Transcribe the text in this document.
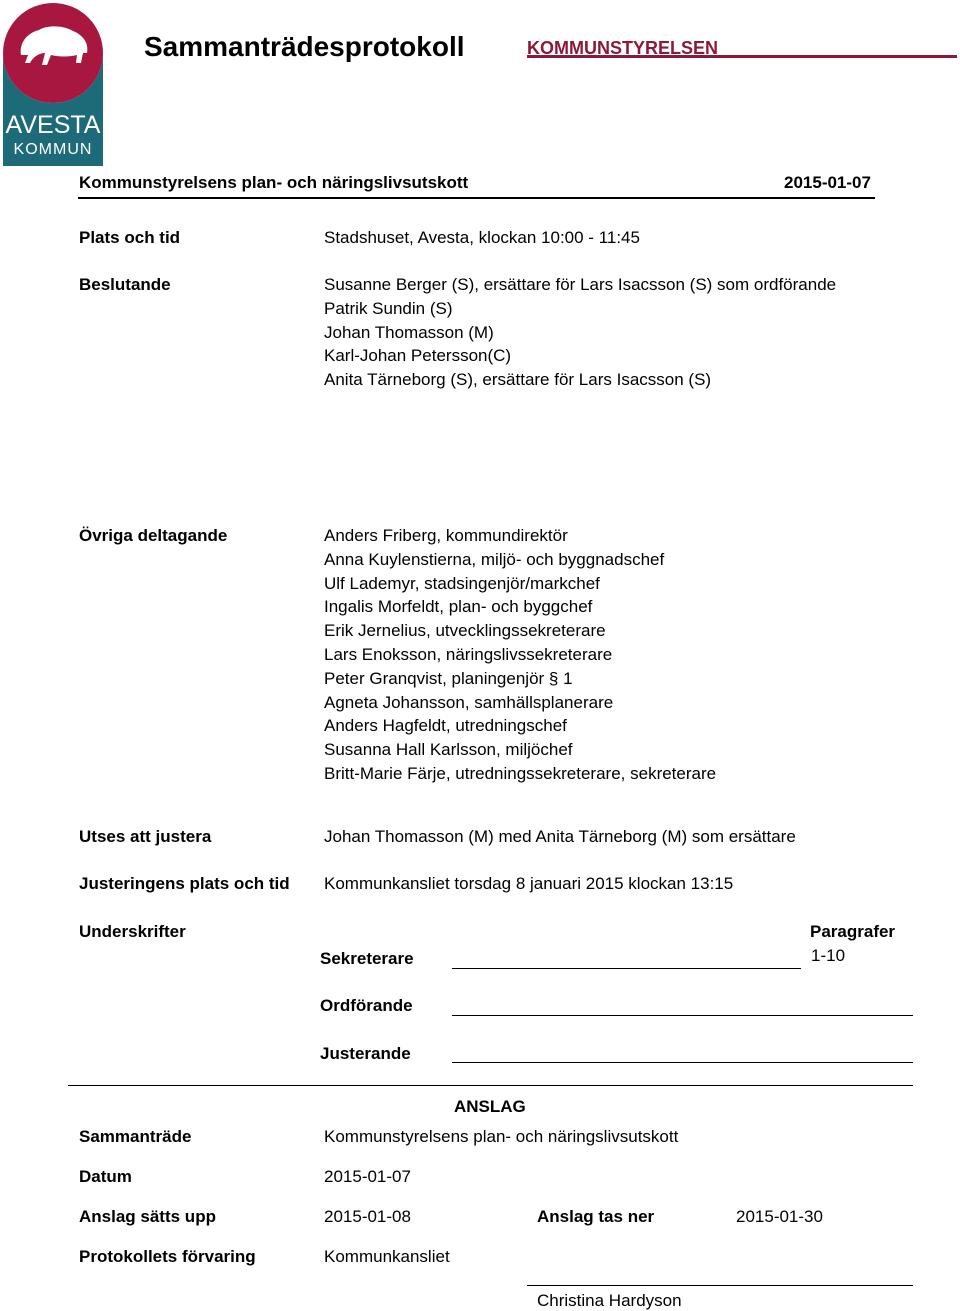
AVESTA
KOMMUN
Sammanträdesprotokoll	KOMMUNSTYRELSEN
Kommunstyrelsens plan- och näringslivsutskott	2015-01-07
Plats och tid	Stadshuset, Avesta, klockan 10:00 - 11:45
Beslutande	Susanne Berger (S), ersättare för Lars Isacsson (S) som ordförande
Patrik Sundin (S)
Johan Thomasson (M)
Karl-Johan Petersson(C)
Anita Tärneborg (S), ersättare för Lars Isacsson (S)
Övriga deltagande	Anders Friberg, kommundirektör
Anna Kuylenstierna, miljö- och byggnadschef
Ulf Lademyr, stadsingenjör/markchef
Ingalis Morfeldt, plan- och byggchef
Erik Jernelius, utvecklingssekreterare
Lars Enoksson, näringslivssekreterare
Peter Granqvist, planingenjör § 1
Agneta Johansson, samhällsplanerare
Anders Hagfeldt, utredningschef
Susanna Hall Karlsson, miljöchef
Britt-Marie Färje, utredningssekreterare, sekreterare
Utses att justera	Johan Thomasson (M) med Anita Tärneborg (M) som ersättare
Justeringens plats och tid Kommunkansliet torsdag 8 januari 2015 klockan 13:15
Underskrifter	Paragrafer
1-10
Sekreterare
Ordförande
Justerande
ANSLAG
Sammanträde	Kommunstyrelsens plan- och näringslivsutskott
Datum	2015-01-07
Anslag sätts upp	2015-01-08	Anslag tas ner	2015-01-30
Protokollets förvaring	Kommunkansliet
Christina Hardyson
